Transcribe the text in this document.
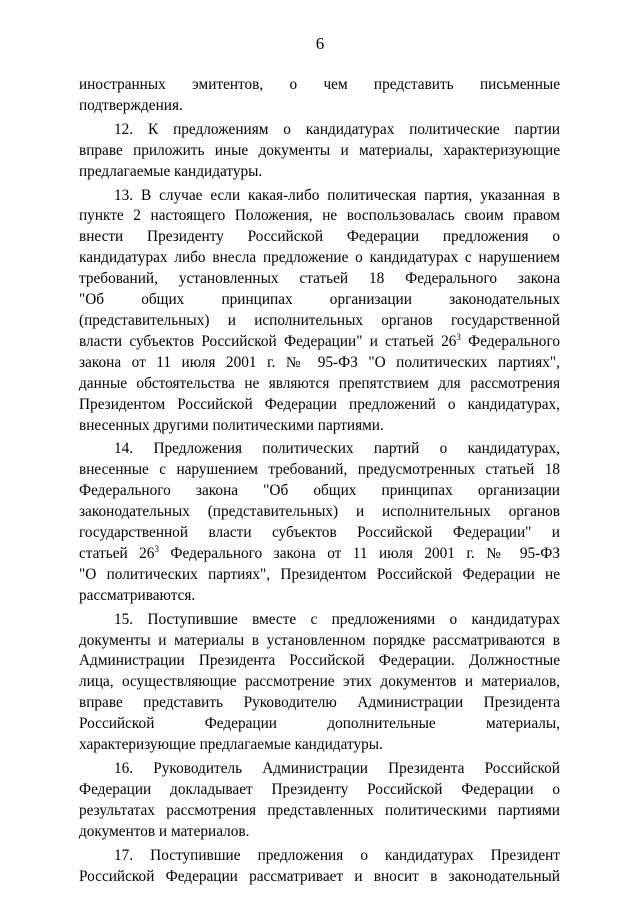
6

иностранных эмитентов, о чем представить письменные
подтверждения.

12. К предложениям о кандидатурах политические партии
вправе приложить иные документы и материалы, характеризующие
предлагаемые кандидатуры.

13. В случае если какая-либо политическая партия, указанная в
пункте 2 настоящего Положения, не воспользовалась своим правом
внести Президенту Российской Федерации предложения о
кандидатурах либо внесла предложение о кандидатурах с нарушением
требований, установленных статьей 18 Федерального закона
"Об общих принципах организации законодательных
(представительных) и исполнительных органов государственной
власти субъектов Российской Федерации" и статьей $26^3$ Федерального
закона от 11 июля 2001 г. № 95-ФЗ "О политических партиях",
данные обстоятельства не являются препятствием для рассмотрения
Президентом Российской Федерации предложений о кандидатурах,
внесенных другими политическими партиями.

14. Предложения политических партий о кандидатурах,
внесенные с нарушением требований, предусмотренных статьей 18
Федерального закона "Об общих принципах организации
законодательных (представительных) и исполнительных органов
государственной власти субъектов Российской Федерации" и
статьей $26^3$ Федерального закона от 11 июля 2001 г. № 95-ФЗ
"О политических партиях", Президентом Российской Федерации не
рассматриваются.

15. Поступившие вместе с предложениями о кандидатурах
документы и материалы в установленном порядке рассматриваются в
Администрации Президента Российской Федерации. Должностные
лица, осуществляющие рассмотрение этих документов и материалов,
вправе представить Руководителю Администрации Президента
Российской Федерации дополнительные материалы,
характеризующие предлагаемые кандидатуры.

16. Руководитель Администрации Президента Российской
Федерации докладывает Президенту Российской Федерации о
результатах рассмотрения представленных политическими партиями
документов и материалов.

17. Поступившие предложения о кандидатурах Президент
Российской Федерации рассматривает и вносит в законодательный
